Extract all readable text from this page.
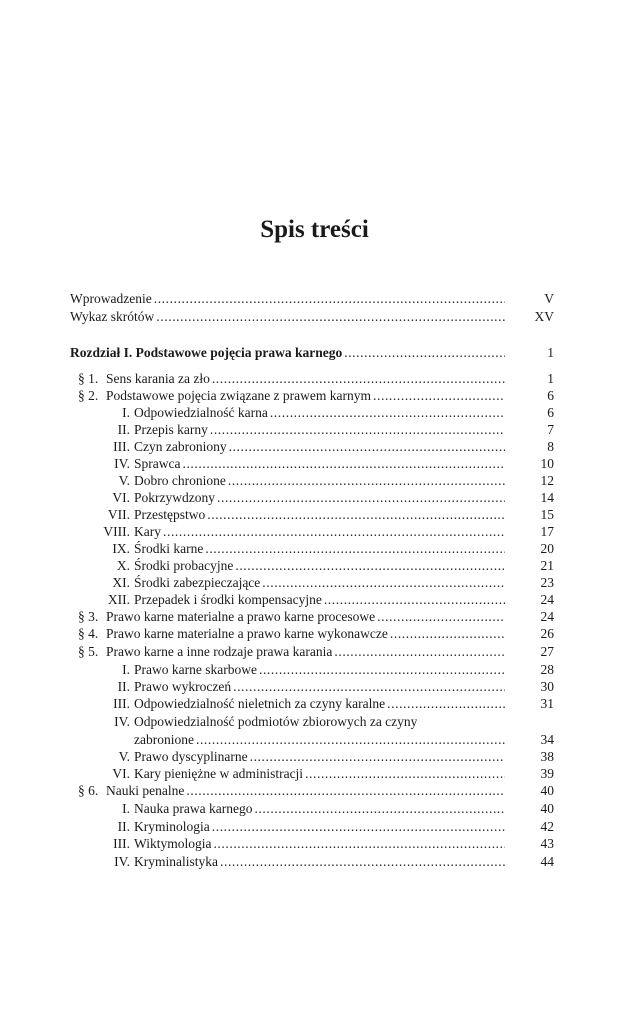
Spis treści
Wprowadzenie .....	V
Wykaz skrótów .....	XV
Rozdział I. Podstawowe pojęcia prawa karnego .....	1
§ 1. Sens karania za zło .....	1
§ 2. Podstawowe pojęcia związane z prawem karnym .....	6
I. Odpowiedzialność karna .....	6
II. Przepis karny .....	7
III. Czyn zabroniony .....	8
IV. Sprawca .....	10
V. Dobro chronione .....	12
VI. Pokrzywdzony .....	14
VII. Przestępstwo .....	15
VIII. Kary .....	17
IX. Środki karne .....	20
X. Środki probacyjne .....	21
XI. Środki zabezpieczające .....	23
XII. Przepadek i środki kompensacyjne .....	24
§ 3. Prawo karne materialne a prawo karne procesowe .....	24
§ 4. Prawo karne materialne a prawo karne wykonawcze .....	26
§ 5. Prawo karne a inne rodzaje prawa karania .....	27
I. Prawo karne skarbowe .....	28
II. Prawo wykroczeń .....	30
III. Odpowiedzialność nieletnich za czyny karalne .....	31
IV. Odpowiedzialność podmiotów zbiorowych za czyny
zabronione .....	34
V. Prawo dyscyplinarne .....	38
VI. Kary pieniężne w administracji .....	39
§ 6. Nauki penalne .....	40
I. Nauka prawa karnego .....	40
II. Kryminologia .....	42
III. Wiktymologia .....	43
IV. Kryminalistyka .....	44
